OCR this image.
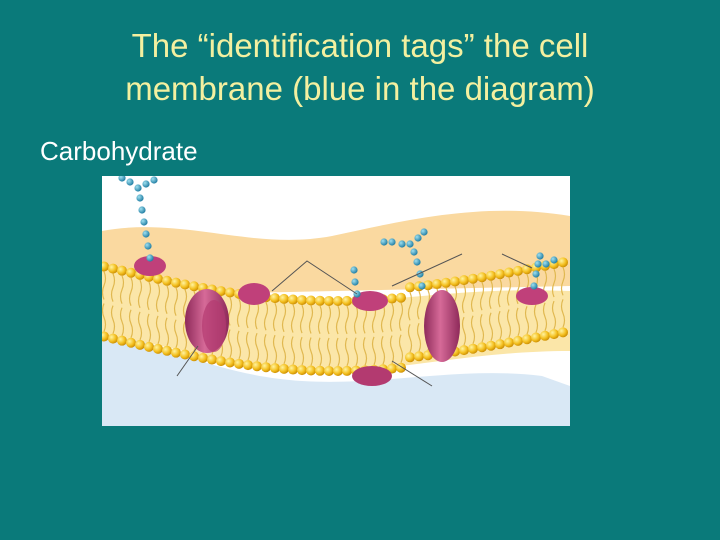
The “identification tags” the cell
membrane (blue in the diagram)
Carbohydrate
